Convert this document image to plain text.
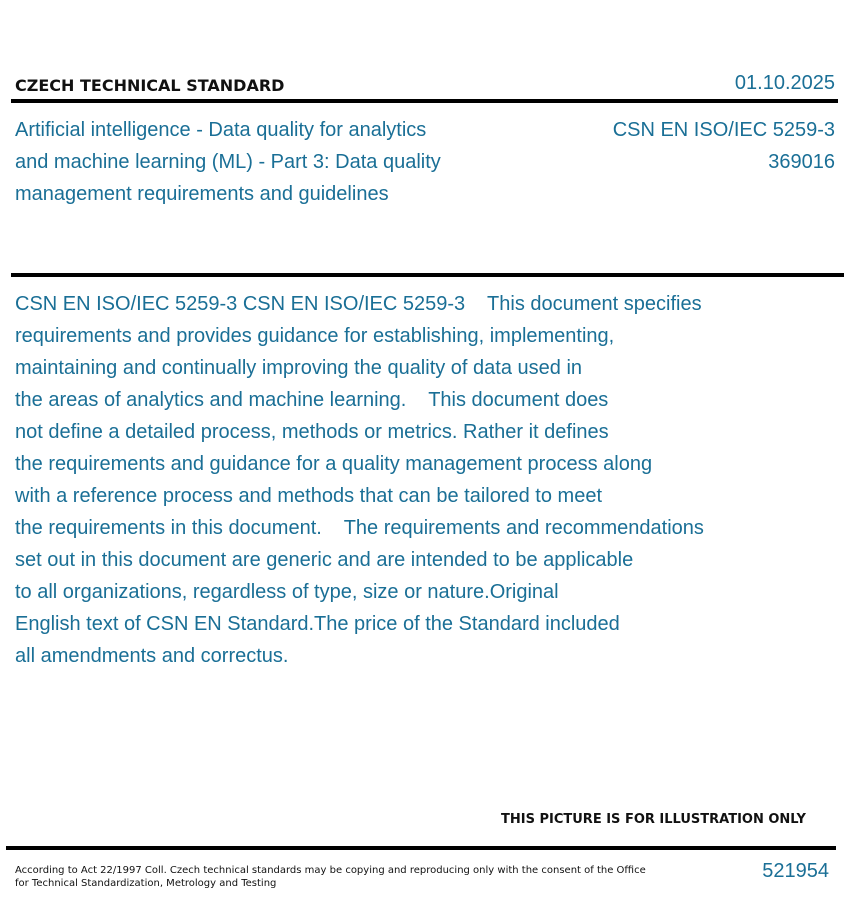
CZECH TECHNICAL STANDARD	01.10.2025
Artificial intelligence - Data quality for analytics
and machine learning (ML) - Part 3: Data quality
management requirements and guidelines
CSN EN ISO/IEC 5259-3
369016
CSN EN ISO/IEC 5259-3 CSN EN ISO/IEC 5259-3    This document specifies
requirements and provides guidance for establishing, implementing,
maintaining and continually improving the quality of data used in
the areas of analytics and machine learning.    This document does
not define a detailed process, methods or metrics. Rather it defines
the requirements and guidance for a quality management process along
with a reference process and methods that can be tailored to meet
the requirements in this document.    The requirements and recommendations
set out in this document are generic and are intended to be applicable
to all organizations, regardless of type, size or nature.Original
English text of CSN EN Standard.The price of the Standard included
all amendments and correctus.
THIS PICTURE IS FOR ILLUSTRATION ONLY
According to Act 22/1997 Coll. Czech technical standards may be copying and reproducing only with the consent of the Office
for Technical Standardization, Metrology and Testing
521954
